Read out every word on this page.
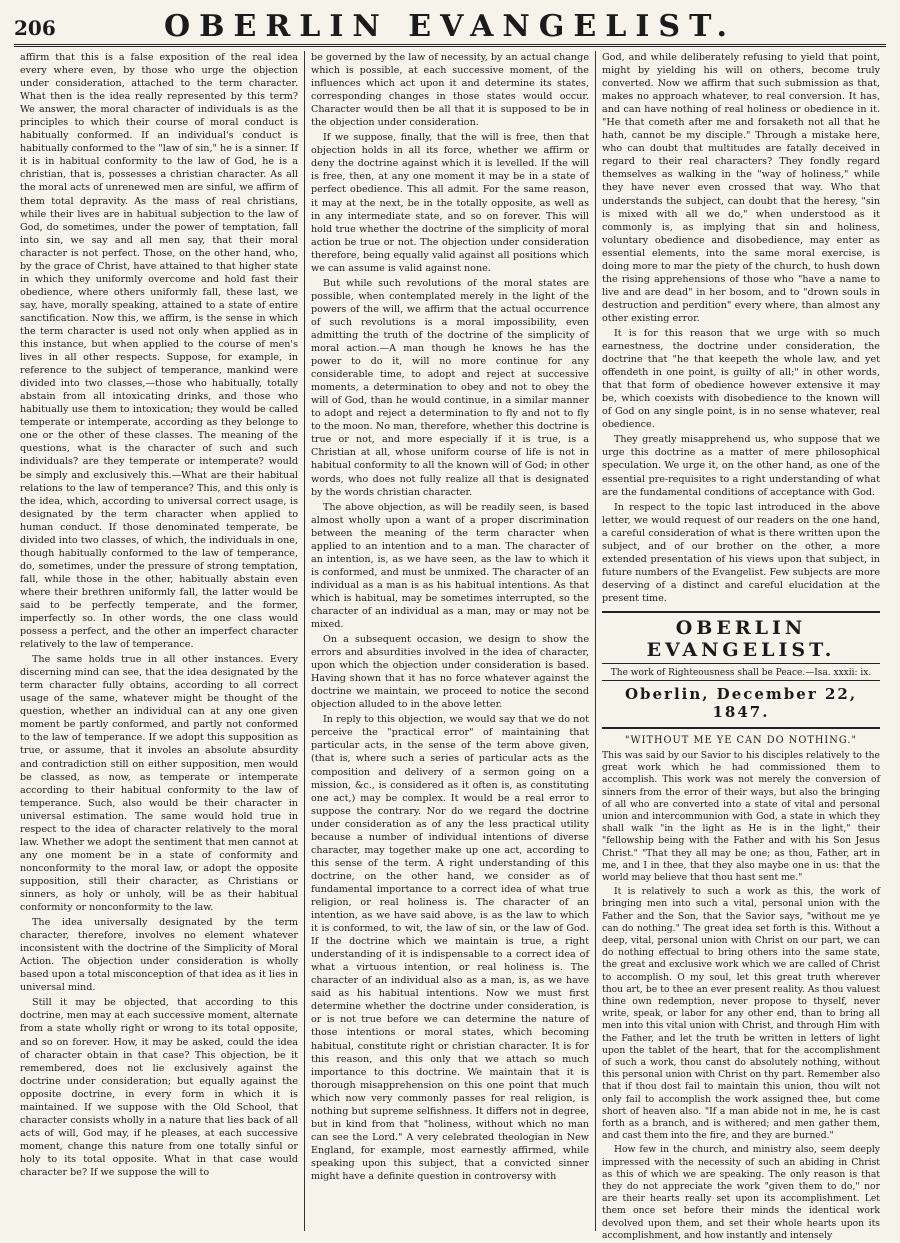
206	OBERLIN EVANGELIST.

affirm that this is a false exposition of the real idea every where even, by those who urge the objection under consideration, attached to the term character. What then is the idea really represented by this term? We answer, the moral character of individuals is as the principles to which their course of moral conduct is habitually conformed. If an individual's conduct is habitually conformed to the "law of sin," he is a sinner. If it is in habitual conformity to the law of God, he is a christian, that is, possesses a christian character. As all the moral acts of unrenewed men are sinful, we affirm of them total depravity. As the mass of real christians, while their lives are in habitual subjection to the law of God, do sometimes, under the power of temptation, fall into sin, we say and all men say, that their moral character is not perfect. Those, on the other hand, who, by the grace of Christ, have attained to that higher state in which they uniformly overcome and hold fast their obedience, where others uniformly fall, these last, we say, have, morally speaking, attained to a state of entire sanctification. Now this, we affirm, is the sense in which the term character is used not only when applied as in this instance, but when applied to the course of men's lives in all other respects. Suppose, for example, in reference to the subject of temperance, mankind were divided into two classes,—those who habitually, totally abstain from all intoxicating drinks, and those who habitually use them to intoxication; they would be called temperate or intemperate, according as they belonge to one or the other of these classes. The meaning of the questions, what is the character of such and such individuals? are they temperate or intemperate? would be simply and exclusively this.—What are their habitual relations to the law of temperance? This, and this only is the idea, which, according to universal correct usage, is designated by the term character when applied to human conduct. If those denominated temperate, be divided into two classes, of which, the individuals in one, though habitually conformed to the law of temperance, do, sometimes, under the pressure of strong temptation, fall, while those in the other, habitually abstain even where their brethren uniformly fall, the latter would be said to be perfectly temperate, and the former, imperfectly so. In other words, the one class would possess a perfect, and the other an imperfect character relatively to the law of temperance.

The same holds true in all other instances. Every discerning mind can see, that the idea designated by the term character fully obtains, according to all correct usage of the same, whatever might be thought of the question, whether an individual can at any one given moment be partly conformed, and partly not conformed to the law of temperance. If we adopt this supposition as true, or assume, that it involes an absolute absurdity and contradiction still on either supposition, men would be classed, as now, as temperate or intemperate according to their habitual conformity to the law of temperance. Such, also would be their character in universal estimation. The same would hold true in respect to the idea of character relatively to the moral law. Whether we adopt the sentiment that men cannot at any one moment be in a state of conformity and nonconformity to the moral law, or adopt the opposite supposition, still their character, as Christians or sinners, as holy or unholy, will be as their habitual conformity or nonconformity to the law.

The idea universally designated by the term character, therefore, involves no element whatever inconsistent with the doctrine of the Simplicity of Moral Action. The objection under consideration is wholly based upon a total misconception of that idea as it lies in universal mind.

Still it may be objected, that according to this doctrine, men may at each successive moment, alternate from a state wholly right or wrong to its total opposite, and so on forever. How, it may be asked, could the idea of character obtain in that case? This objection, be it remembered, does not lie exclusively against the doctrine under consideration; but equally against the opposite doctrine, in every form in which it is maintained. If we suppose with the Old School, that character consists wholly in a nature that lies back of all acts of will, God may, if he pleases, at each successive moment, change this nature from one totally sinful or holy to its total opposite. What in that case would character be? If we suppose the will to

be governed by the law of necessity, by an actual change which is possible, at each successive moment, of the influences which act upon it and determine its states, corresponding changes in those states would occur. Character would then be all that it is supposed to be in the objection under consideration.

If we suppose, finally, that the will is free, then that objection holds in all its force, whether we affirm or deny the doctrine against which it is levelled. If the will is free, then, at any one moment it may be in a state of perfect obedience. This all admit. For the same reason, it may at the next, be in the totally opposite, as well as in any intermediate state, and so on forever. This will hold true whether the doctrine of the simplicity of moral action be true or not. The objection under consideration therefore, being equally valid against all positions which we can assume is valid against none.

But while such revolutions of the moral states are possible, when contemplated merely in the light of the powers of the will, we affirm that the actual occurrence of such revolutions is a moral impossibility, even admitting the truth of the doctrine of the simplicity of moral action.—A man though he knows he has the power to do it, will no more continue for any considerable time, to adopt and reject at successive moments, a determination to obey and not to obey the will of God, than he would continue, in a similar manner to adopt and reject a determination to fly and not to fly to the moon. No man, therefore, whether this doctrine is true or not, and more especially if it is true, is a Christian at all, whose uniform course of life is not in habitual conformity to all the known will of God; in other words, who does not fully realize all that is designated by the words christian character.

The above objection, as will be readily seen, is based almost wholly upon a want of a proper discrimination between the meaning of the term character when applied to an intention and to a man. The character of an intention, is, as we have seen, as the law to which it is conformed, and must be unmixed. The character of an individual as a man is as his habitual intentions. As that which is habitual, may be sometimes interrupted, so the character of an individual as a man, may or may not be mixed.

On a subsequent occasion, we design to show the errors and absurdities involved in the idea of character, upon which the objection under consideration is based. Having shown that it has no force whatever against the doctrine we maintain, we proceed to notice the second objection alluded to in the above letter.

In reply to this objection, we would say that we do not perceive the "practical error" of maintaining that particular acts, in the sense of the term above given, (that is, where such a series of particular acts as the composition and delivery of a sermon going on a mission, &c., is considered as it often is, as constituting one act,) may be complex. It would be a real error to suppose the contrary. Nor do we regard the doctrine under consideration as of any the less practical utility because a number of individual intentions of diverse character, may together make up one act, according to this sense of the term. A right understanding of this doctrine, on the other hand, we consider as of fundamental importance to a correct idea of what true religion, or real holiness is. The character of an intention, as we have said above, is as the law to which it is conformed, to wit, the law of sin, or the law of God. If the doctrine which we maintain is true, a right understanding of it is indispensable to a correct idea of what a virtuous intention, or real holiness is. The character of an individual also as a man, is, as we have said as his habitual intentions. Now we must first determine whether the doctrine under consideration, is or is not true before we can determine the nature of those intentions or moral states, which becoming habitual, constitute right or christian character. It is for this reason, and this only that we attach so much importance to this doctrine. We maintain that it is thorough misapprehension on this one point that much which now very commonly passes for real religion, is nothing but supreme selfishness. It differs not in degree, but in kind from that "holiness, without which no man can see the Lord." A very celebrated theologian in New England, for example, most earnestly affirmed, while speaking upon this subject, that a convicted sinner might have a definite question in controversy with

God, and while deliberately refusing to yield that point, might by yielding his will on others, become truly converted. Now we affirm that such submission as that, makes no approach whatever, to real conversion. It has, and can have nothing of real holiness or obedience in it. "He that cometh after me and forsaketh not all that he hath, cannot be my disciple." Through a mistake here, who can doubt that multitudes are fatally deceived in regard to their real characters? They fondly regard themselves as walking in the "way of holiness," while they have never even crossed that way. Who that understands the subject, can doubt that the heresy, "sin is mixed with all we do," when understood as it commonly is, as implying that sin and holiness, voluntary obedience and disobedience, may enter as essential elements, into the same moral exercise, is doing more to mar the piety of the church, to hush down the rising apprehensions of those who "have a name to live and are dead" in her bosom, and to "drown souls in destruction and perdition" every where, than almost any other existing error.

It is for this reason that we urge with so much earnestness, the doctrine under consideration, the doctrine that "he that keepeth the whole law, and yet offendeth in one point, is guilty of all;" in other words, that that form of obedience however extensive it may be, which coexists with disobedience to the known will of God on any single point, is in no sense whatever, real obedience.

They greatly misapprehend us, who suppose that we urge this doctrine as a matter of mere philosophical speculation. We urge it, on the other hand, as one of the essential pre-requisites to a right understanding of what are the fundamental conditions of acceptance with God.

In respect to the topic last introduced in the above letter, we would request of our readers on the one hand, a careful consideration of what is there written upon the subject, and of our brother on the other, a more extended presentation of his views upon that subject, in future numbers of the Evangelist. Few subjects are more deserving of a distinct and careful elucidation at the present time.

OBERLIN EVANGELIST.
The work of Righteousness shall be Peace.—Isa. xxxii: ix.
Oberlin, December 22, 1847.
"WITHOUT ME YE CAN DO NOTHING."

This was said by our Savior to his disciples relatively to the great work which he had commissioned them to accomplish. This work was not merely the conversion of sinners from the error of their ways, but also the bringing of all who are converted into a state of vital and personal union and intercommunion with God, a state in which they shall walk "in the light as He is in the light," their "fellowship being with the Father and with his Son Jesus Christ." "That they all may be one; as thou, Father, art in me, and I in thee, that they also maybe one in us: that the world may believe that thou hast sent me."

It is relatively to such a work as this, the work of bringing men into such a vital, personal union with the Father and the Son, that the Savior says, "without me ye can do nothing." The great idea set forth is this. Without a deep, vital, personal union with Christ on our part, we can do nothing effectual to bring others into the same state, the great and exclusive work which we are called of Christ to accomplish. O my soul, let this great truth wherever thou art, be to thee an ever present reality. As thou valuest thine own redemption, never propose to thyself, never write, speak, or labor for any other end, than to bring all men into this vital union with Christ, and through Him with the Father, and let the truth be written in letters of light upon the tablet of the heart, that for the accomplishment of such a work, thou canst do absolutely nothing, without this personal union with Christ on thy part. Remember also that if thou dost fail to maintain this union, thou wilt not only fail to accomplish the work assigned thee, but come short of heaven also. "If a man abide not in me, he is cast forth as a branch, and is withered; and men gather them, and cast them into the fire, and they are burned."

How few in the church, and ministry also, seem deeply impressed with the necessity of such an abiding in Christ as this of which we are speaking. The only reason is that they do not appreciate the work "given them to do," nor are their hearts really set upon its accomplishment. Let them once set before their minds the identical work devolved upon them, and set their whole hearts upon its accomplishment, and how instantly and intensely
